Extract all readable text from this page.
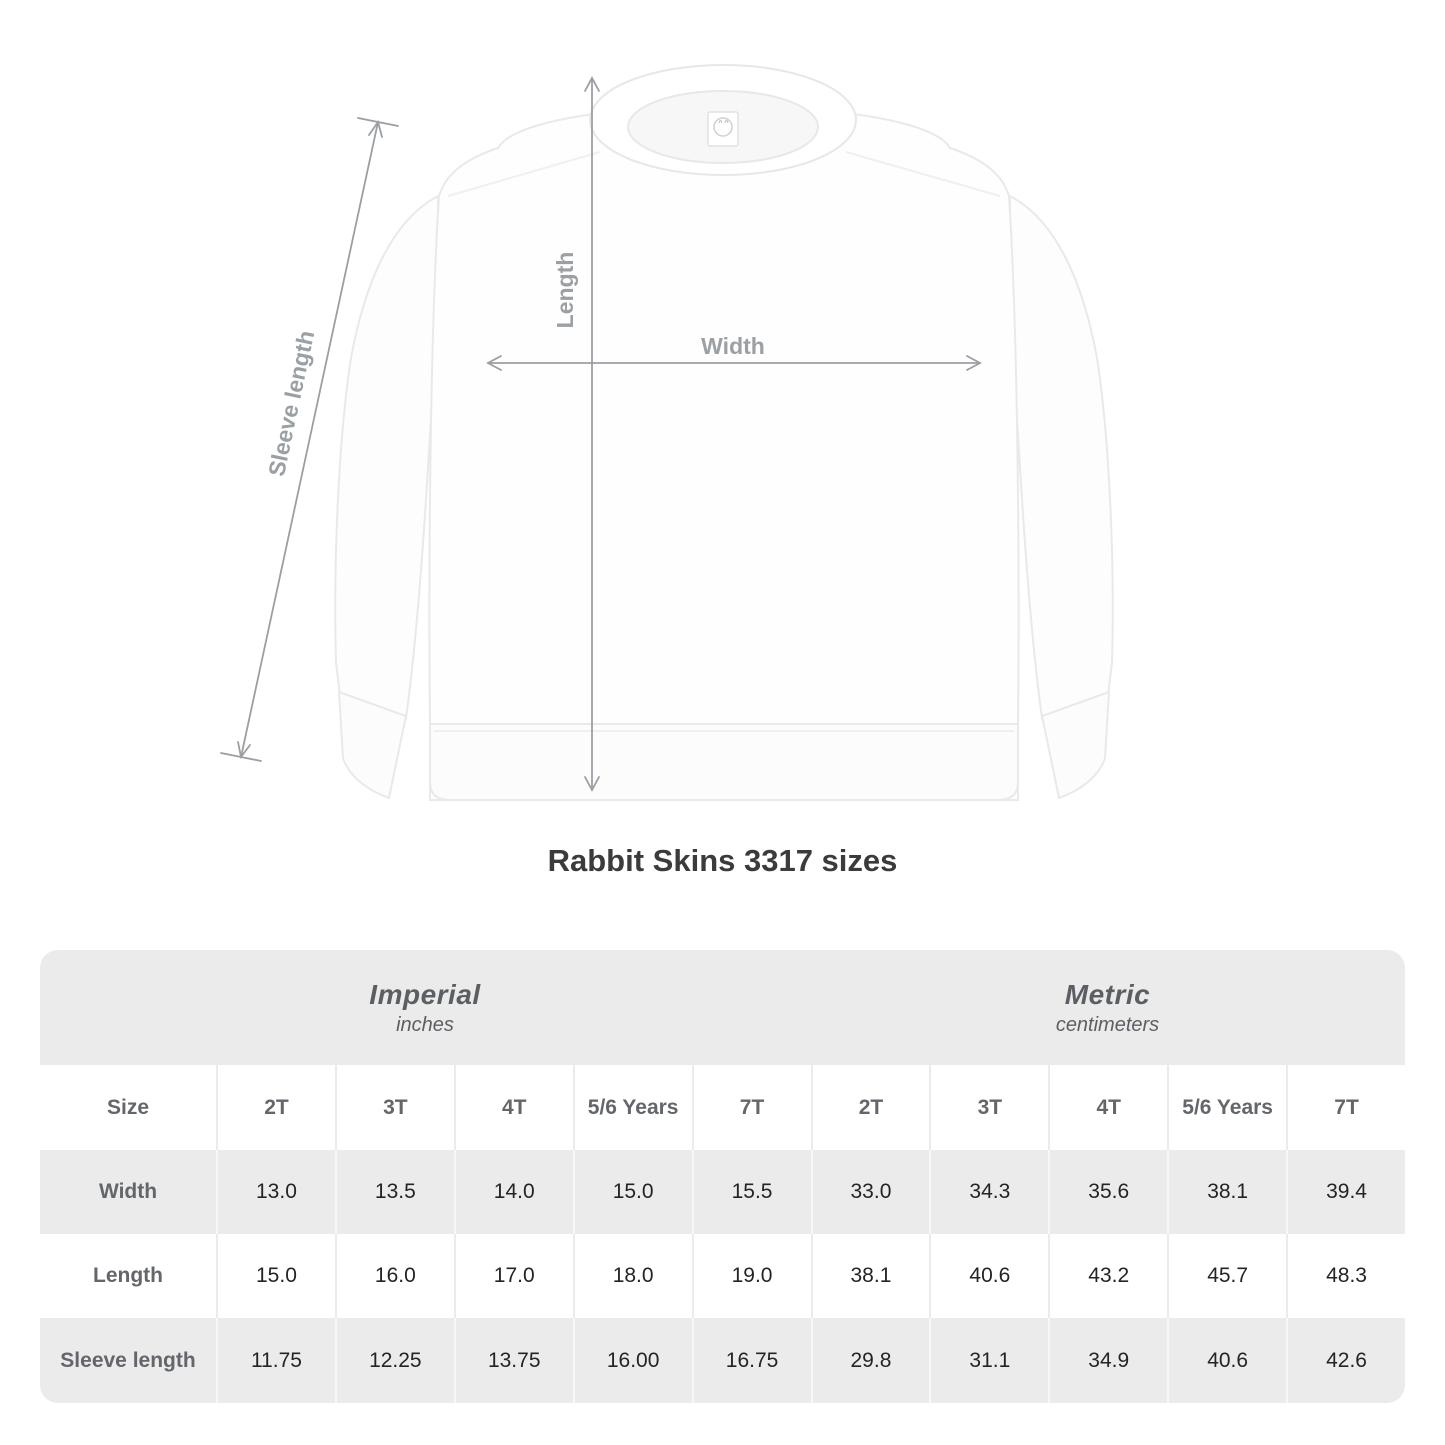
Length
Width
Sleeve length
Rabbit Skins 3317 sizes
Imperial
inches
Metric
centimeters
Size	2T	3T	4T	5/6 Years	7T	2T	3T	4T	5/6 Years	7T
Width	13.0	13.5	14.0	15.0	15.5	33.0	34.3	35.6	38.1	39.4
Length	15.0	16.0	17.0	18.0	19.0	38.1	40.6	43.2	45.7	48.3
Sleeve length	11.75	12.25	13.75	16.00	16.75	29.8	31.1	34.9	40.6	42.6
